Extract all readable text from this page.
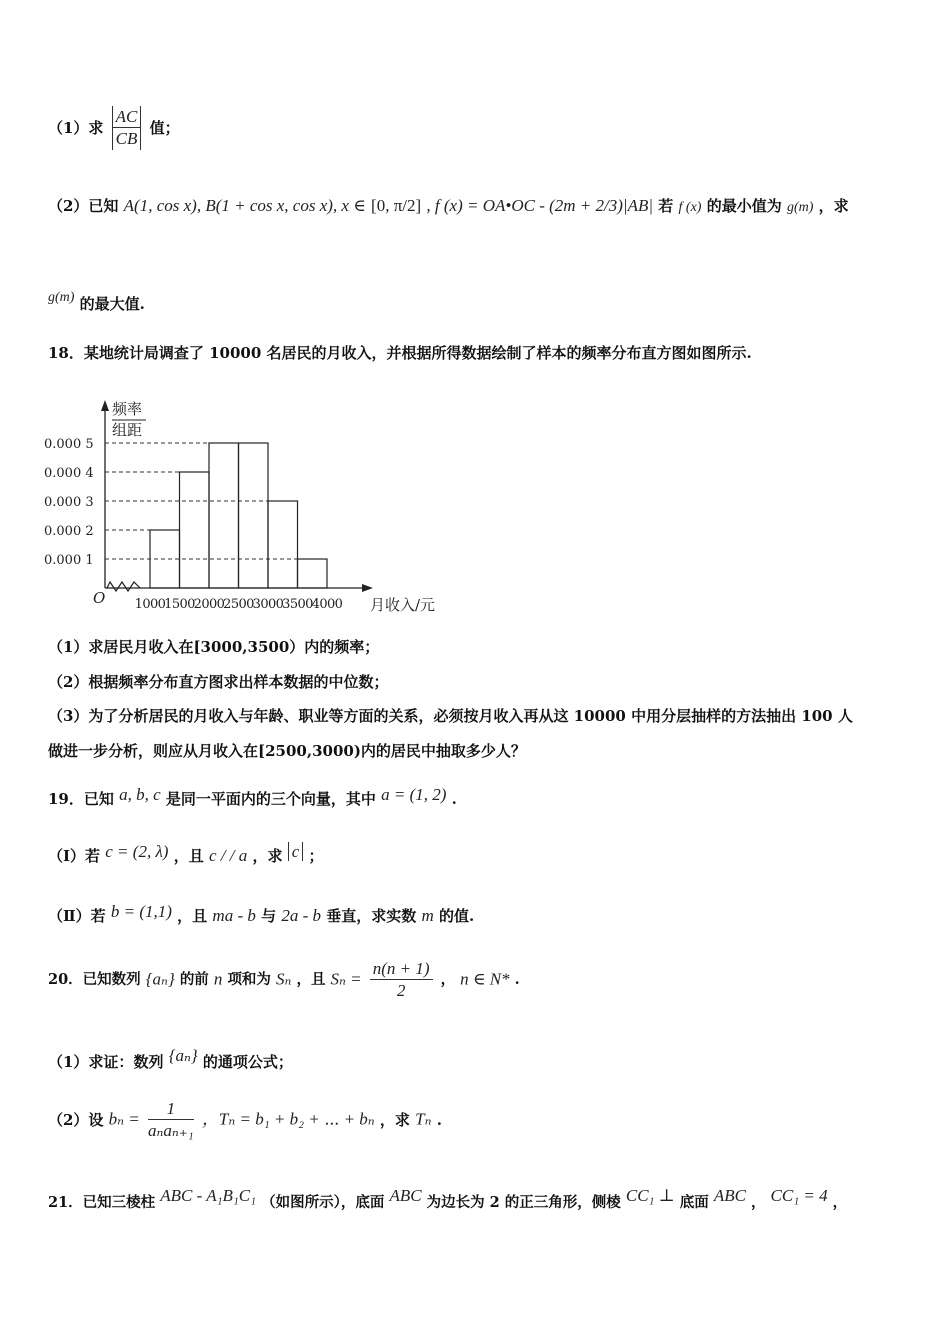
（1）求 $\frac{AC}{CB}$ 值；
（2）已知 A(1, cos x), B(1 + cos x, cos x), x ∈ [0, π/2] , f (x) = OA•OC - (2m + 2/3)|AB| 若 f (x) 的最小值为 g(m) ，求
g(m) 的最大值.
18．某地统计局调查了 10000 名居民的月收入，并根据所得数据绘制了样本的频率分布直方图如图所示.
频率
组距
0.000 1
0.000 2
0.000 3
0.000 4
0.000 5
1000
1500
2000
2500
3000
3500
4000
O	月收入/元
（1）求居民月收入在[3000,3500）内的频率；
（2）根据频率分布直方图求出样本数据的中位数；
（3）为了分析居民的月收入与年龄、职业等方面的关系，必须按月收入再从这 10000 中用分层抽样的方法抽出 100 人
做进一步分析，则应从月收入在[2500,3000)内的居民中抽取多少人？
19．已知 a, b, c 是同一平面内的三个向量，其中 a = (1, 2) .
（Ⅰ）若 c = (2, λ) ，且 c / / a ，求 c ；
（Ⅱ）若 b = (1,1) ，且 ma - b 与 2a - b 垂直，求实数 m 的值.
20．已知数列 {aₙ} 的前 n 项和为 Sₙ ，且 $S_n = \frac{n(n + 1)}{2}$ ， n ∈ N* .
（1）求证：数列 {aₙ} 的通项公式；
（2）设 $b_n = \frac{1}{\text{aₙaₙ₊₁}}$ ，Tₙ = b₁ + b₂ + ⋯ + bₙ ，求 Tₙ .
21．已知三棱柱 ABC - A₁B₁C₁ （如图所示），底面 ABC 为边长为 2 的正三角形，侧棱 CC₁ ⊥ 底面 ABC ， CC₁ = 4 ，
